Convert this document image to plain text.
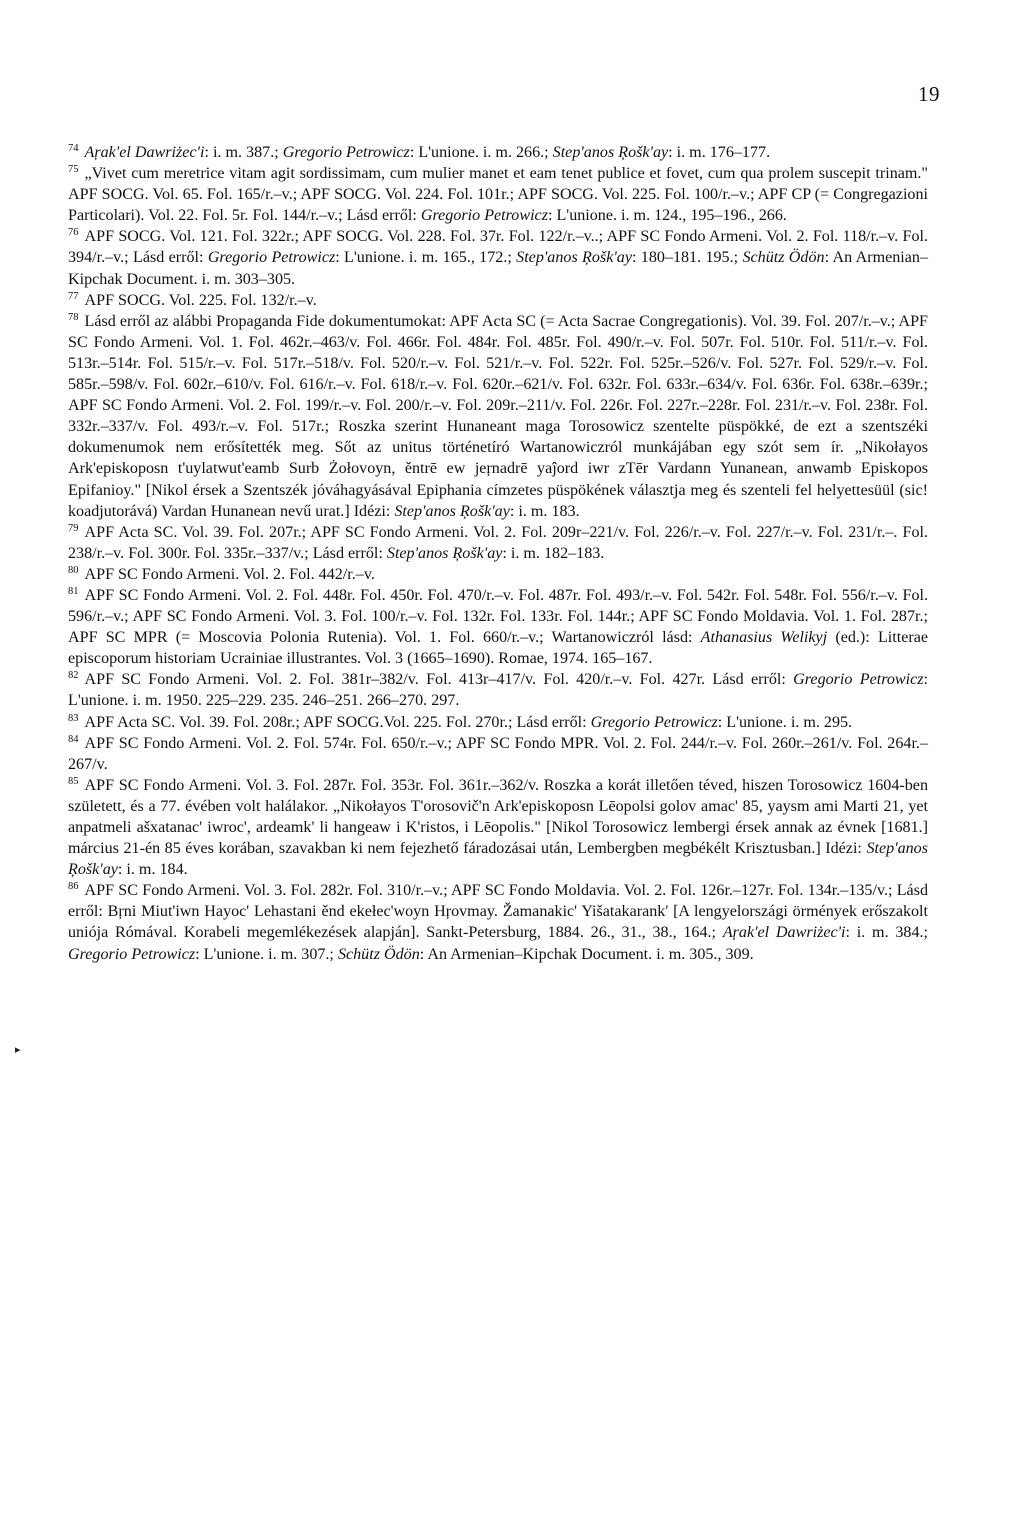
19
▸

$^{74}$ Aŗak'el Dawriżec'i: i. m. 387.; Gregorio Petrowicz: L'unione. i. m. 266.; Step'anos Ŗošk'ay: i. m. 176–177.

$^{75}$ „Vivet cum meretrice vitam agit sordissimam, cum mulier manet et eam tenet publice et fovet, cum qua prolem suscepit trinam." APF SOCG. Vol. 65. Fol. 165/r.–v.; APF SOCG. Vol. 224. Fol. 101r.; APF SOCG. Vol. 225. Fol. 100/r.–v.; APF CP (= Congregazioni Particolari). Vol. 22. Fol. 5r. Fol. 144/r.–v.; Lásd erről: Gregorio Petrowicz: L'unione. i. m. 124., 195–196., 266.

$^{76}$ APF SOCG. Vol. 121. Fol. 322r.; APF SOCG. Vol. 228. Fol. 37r. Fol. 122/r.–v..; APF SC Fondo Armeni. Vol. 2. Fol. 118/r.–v. Fol. 394/r.–v.; Lásd erről: Gregorio Petrowicz: L'unione. i. m. 165., 172.; Step'anos Ŗošk'ay: 180–181. 195.; Schütz Ödön: An Armenian–Kipchak Document. i. m. 303–305.

$^{77}$ APF SOCG. Vol. 225. Fol. 132/r.–v.

$^{78}$ Lásd erről az alábbi Propaganda Fide dokumentumokat: APF Acta SC (= Acta Sacrae Congregationis). Vol. 39. Fol. 207/r.–v.; APF SC Fondo Armeni. Vol. 1. Fol. 462r.–463/v. Fol. 466r. Fol. 484r. Fol. 485r. Fol. 490/r.–v. Fol. 507r. Fol. 510r. Fol. 511/r.–v. Fol. 513r.–514r. Fol. 515/r.–v. Fol. 517r.–518/v. Fol. 520/r.–v. Fol. 521/r.–v. Fol. 522r. Fol. 525r.–526/v. Fol. 527r. Fol. 529/r.–v. Fol. 585r.–598/v. Fol. 602r.–610/v. Fol. 616/r.–v. Fol. 618/r.–v. Fol. 620r.–621/v. Fol. 632r. Fol. 633r.–634/v. Fol. 636r. Fol. 638r.–639r.; APF SC Fondo Armeni. Vol. 2. Fol. 199/r.–v. Fol. 200/r.–v. Fol. 209r.–211/v. Fol. 226r. Fol. 227r.–228r. Fol. 231/r.–v. Fol. 238r. Fol. 332r.–337/v. Fol. 493/r.–v. Fol. 517r.; Roszka szerint Hunaneant maga Torosowicz szentelte püspökké, de ezt a szentszéki dokumenumok nem erősítették meg. Sőt az unitus történetíró Wartanowiczról munkájában egy szót sem ír. „Nikołayos Ark'episkoposn t'uylatwut'eamb Surb Żołovoyn, ěntrē ew jeŗnadrē yaĵord iwr zTēr Vardann Yunanean, anwamb Episkopos Epifanioy." [Nikol érsek a Szentszék jóváhagyásával Epiphania címzetes püspökének választja meg és szenteli fel helyettesüül (sic! koadjutorává) Vardan Hunanean nevű urat.] Idézi: Step'anos Ŗošk'ay: i. m. 183.

$^{79}$ APF Acta SC. Vol. 39. Fol. 207r.; APF SC Fondo Armeni. Vol. 2. Fol. 209r–221/v. Fol. 226/r.–v. Fol. 227/r.–v. Fol. 231/r.–. Fol. 238/r.–v. Fol. 300r. Fol. 335r.–337/v.; Lásd erről: Step'anos Ŗošk'ay: i. m. 182–183.

$^{80}$ APF SC Fondo Armeni. Vol. 2. Fol. 442/r.–v.

$^{81}$ APF SC Fondo Armeni. Vol. 2. Fol. 448r. Fol. 450r. Fol. 470/r.–v. Fol. 487r. Fol. 493/r.–v. Fol. 542r. Fol. 548r. Fol. 556/r.–v. Fol. 596/r.–v.; APF SC Fondo Armeni. Vol. 3. Fol. 100/r.–v. Fol. 132r. Fol. 133r. Fol. 144r.; APF SC Fondo Moldavia. Vol. 1. Fol. 287r.; APF SC MPR (= Moscovia Polonia Rutenia). Vol. 1. Fol. 660/r.–v.; Wartanowiczról lásd: Athanasius Welikyj (ed.): Litterae episcoporum historiam Ucrainiae illustrantes. Vol. 3 (1665–1690). Romae, 1974. 165–167.

$^{82}$ APF SC Fondo Armeni. Vol. 2. Fol. 381r–382/v. Fol. 413r–417/v. Fol. 420/r.–v. Fol. 427r. Lásd erről: Gregorio Petrowicz: L'unione. i. m. 1950. 225–229. 235. 246–251. 266–270. 297.

$^{83}$ APF Acta SC. Vol. 39. Fol. 208r.; APF SOCG.Vol. 225. Fol. 270r.; Lásd erről: Gregorio Petrowicz: L'unione. i. m. 295.

$^{84}$ APF SC Fondo Armeni. Vol. 2. Fol. 574r. Fol. 650/r.–v.; APF SC Fondo MPR. Vol. 2. Fol. 244/r.–v. Fol. 260r.–261/v. Fol. 264r.–267/v.

$^{85}$ APF SC Fondo Armeni. Vol. 3. Fol. 287r. Fol. 353r. Fol. 361r.–362/v. Roszka a korát illetően téved, hiszen Torosowicz 1604-ben született, és a 77. évében volt halálakor. „Nikołayos T'orosovič'n Ark'episkoposn Lēopolsi golov amac' 85, yaysm ami Marti 21, yet anpatmeli ašxatanac' iwroc', ardeamk' li hangeaw i K'ristos, i Lēopolis." [Nikol Torosowicz lembergi érsek annak az évnek [1681.] március 21-én 85 éves korában, szavakban ki nem fejezhető fáradozásai után, Lembergben megbékélt Krisztusban.] Idézi: Step'anos Ŗošk'ay: i. m. 184.

$^{86}$ APF SC Fondo Armeni. Vol. 3. Fol. 282r. Fol. 310/r.–v.; APF SC Fondo Moldavia. Vol. 2. Fol. 126r.–127r. Fol. 134r.–135/v.; Lásd erről: Bŗni Miut'iwn Hayoc' Lehastani ěnd ekełec'woyn Hŗovmay. Žamanakic' Yišatakarank' [A lengyelországi örmények erőszakolt uniója Rómával. Korabeli megemlékezések alapján]. Sankt-Petersburg, 1884. 26., 31., 38., 164.; Aŗak'el Dawriżec'i: i. m. 384.; Gregorio Petrowicz: L'unione. i. m. 307.; Schütz Ödön: An Armenian–Kipchak Document. i. m. 305., 309.
